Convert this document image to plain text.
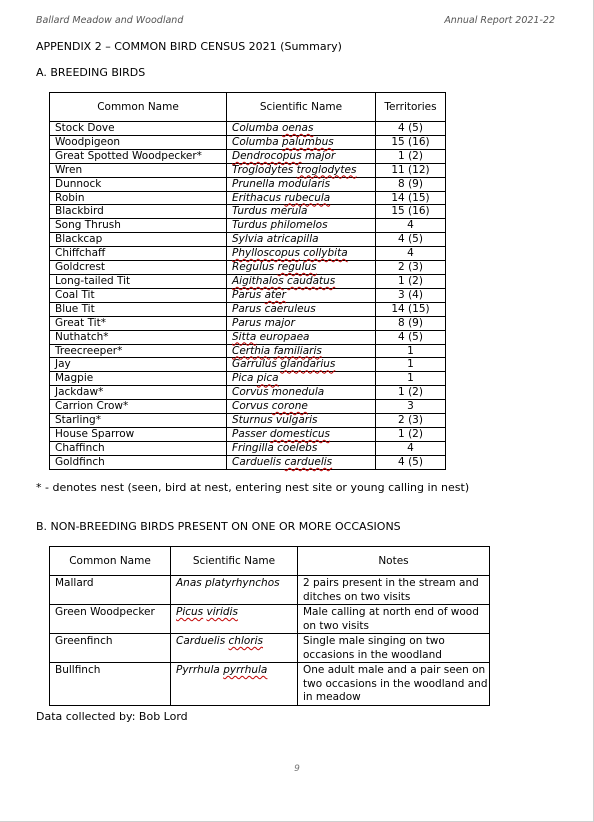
Ballard Meadow and Woodland	Annual Report 2021-22
APPENDIX 2 – COMMON BIRD CENSUS 2021 (Summary)
A. BREEDING BIRDS
Common Name	Scientific Name	Territories
Stock Dove	Columba oenas	4 (5)
Woodpigeon	Columba palumbus	15 (16)
Great Spotted Woodpecker*	Dendrocopus major	1 (2)
Wren	Troglodytes troglodytes	11 (12)
Dunnock	Prunella modularis	8 (9)
Robin	Erithacus rubecula	14 (15)
Blackbird	Turdus merula	15 (16)
Song Thrush	Turdus philomelos	4
Blackcap	Sylvia atricapilla	4 (5)
Chiffchaff	Phylloscopus collybita	4
Goldcrest	Regulus regulus	2 (3)
Long-tailed Tit	Aigithalos caudatus	1 (2)
Coal Tit	Parus ater	3 (4)
Blue Tit	Parus caeruleus	14 (15)
Great Tit*	Parus major	8 (9)
Nuthatch*	Sitta europaea	4 (5)
Treecreeper*	Certhia familiaris	1
Jay	Garrulus glandarius	1
Magpie	Pica pica	1
Jackdaw*	Corvus monedula	1 (2)
Carrion Crow*	Corvus corone	3
Starling*	Sturnus vulgaris	2 (3)
House Sparrow	Passer domesticus	1 (2)
Chaffinch	Fringilla coelebs	4
Goldfinch	Carduelis carduelis	4 (5)
* - denotes nest (seen, bird at nest, entering nest site or young calling in nest)
B. NON-BREEDING BIRDS PRESENT ON ONE OR MORE OCCASIONS
Common Name	Scientific Name	Notes
Mallard	Anas platyrhynchos	2 pairs present in the stream and ditches on two visits
Green Woodpecker	Picus viridis	Male calling at north end of wood on two visits
Greenfinch	Carduelis chloris	Single male singing on two occasions in the woodland
Bullfinch	Pyrrhula pyrrhula	One adult male and a pair seen on two occasions in the woodland and in meadow
Data collected by: Bob Lord
9
